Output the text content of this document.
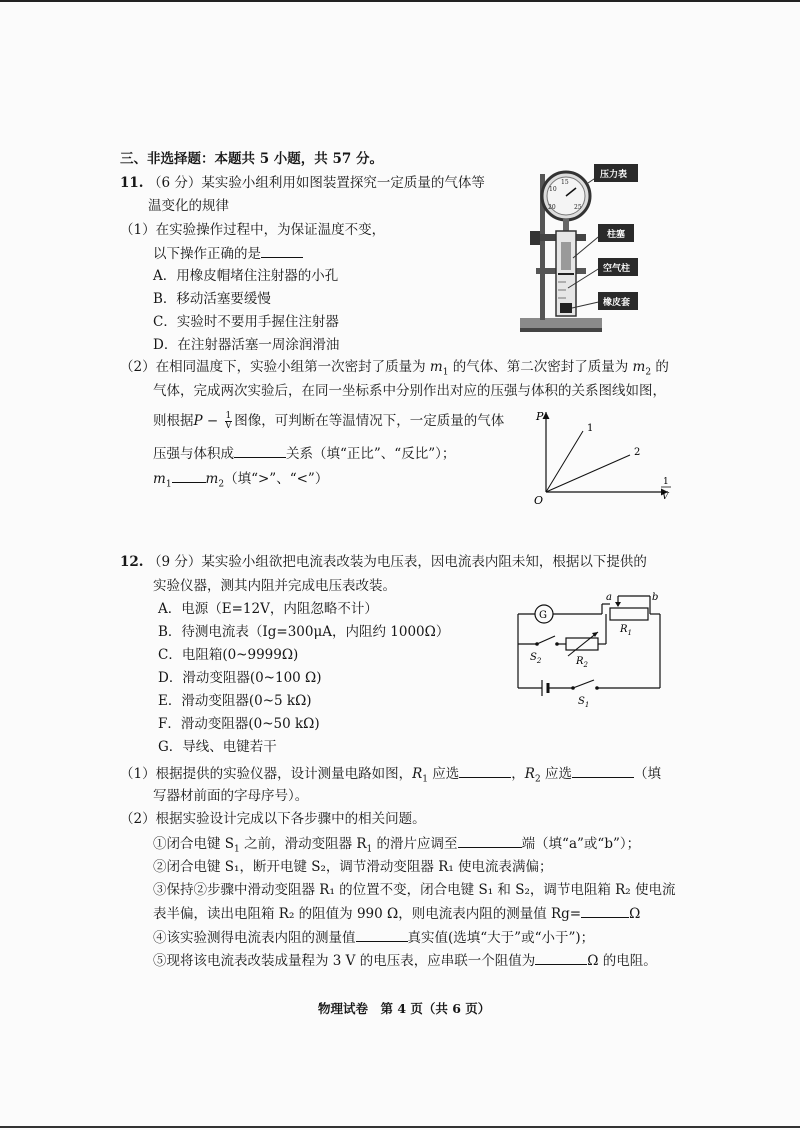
三、非选择题：本题共 5 小题，共 57 分。
11. （6 分）某实验小组利用如图装置探究一定质量的气体等
温变化的规律
（1）在实验操作过程中，为保证温度不变，
以下操作正确的是
A．用橡皮帽堵住注射器的小孔
B．移动活塞要缓慢
C．实验时不要用手握住注射器
D．在注射器活塞一周涂润滑油
10
15
20	25
压力表
柱塞
空气柱
橡皮套
（2）在相同温度下，实验小组第一次密封了质量为 $m_1$ 的气体、第二次密封了质量为 $m_2$ 的
气体，完成两次实验后，在同一坐标系中分别作出对应的压强与体积的关系图线如图，
则根据$P - \frac{1}{V}$ 图像，可判断在等温情况下，一定质量的气体
压强与体积成	关系（填“正比”、“反比”）；
$m_1$	$m_2$（填“>”、“<”）
P
O
1
V
1
2
12. （9 分）某实验小组欲把电流表改装为电压表，因电流表内阻未知，根据以下提供的
实验仪器，测其内阻并完成电压表改装。
A．电源（E=12V，内阻忽略不计）
B．待测电流表（Ig=300μA，内阻约 1000Ω）
C．电阻箱(0~9999Ω)
D．滑动变阻器(0~100 Ω)
E．滑动变阻器(0~5 kΩ)
F．滑动变阻器(0~50 kΩ)
G．导线、电键若干
G
a	b
$R_1$
$S_2$	$R_2$
$S_1$
（1）根据提供的实验仪器，设计测量电路如图，$R_1$ 应选	，$R_2$ 应选	（填
写器材前面的字母序号）。
（2）根据实验设计完成以下各步骤中的相关问题。
①闭合电键 $S_1$ 之前，滑动变阻器 $R_1$ 的滑片应调至	端（填“a”或“b”）；
②闭合电键 S₁，断开电键 S₂，调节滑动变阻器 R₁ 使电流表满偏；
③保持②步骤中滑动变阻器 R₁ 的位置不变，闭合电键 S₁ 和 S₂，调节电阻箱 R₂ 使电流
表半偏，读出电阻箱 R₂ 的阻值为 990 Ω，则电流表内阻的测量值 Rg=	Ω
④该实验测得电流表内阻的测量值	真实值(选填“大于”或“小于”)；
⑤现将该电流表改装成量程为 3 V 的电压表，应串联一个阻值为	Ω 的电阻。
物理试卷　第 4 页（共 6 页）
